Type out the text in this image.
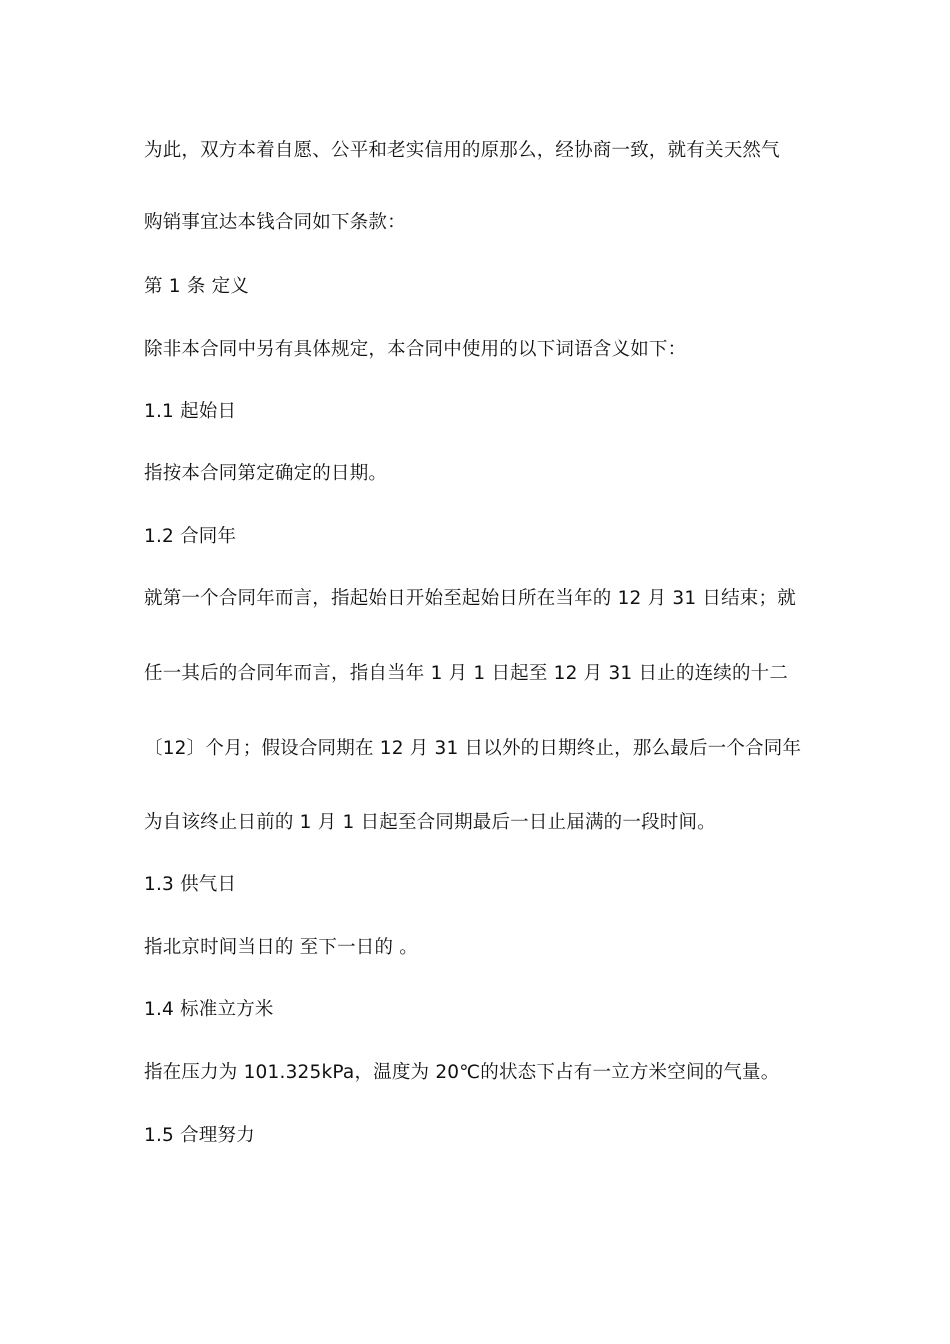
为此，双方本着自愿、公平和老实信用的原那么，经协商一致，就有关天然气
购销事宜达本钱合同如下条款：
第 1 条 定义
除非本合同中另有具体规定，本合同中使用的以下词语含义如下：
1.1 起始日
指按本合同第定确定的日期。
1.2 合同年
就第一个合同年而言，指起始日开始至起始日所在当年的 12 月 31 日结束；就
任一其后的合同年而言，指自当年 1 月 1 日起至 12 月 31 日止的连续的十二
〔12〕个月；假设合同期在 12 月 31 日以外的日期终止，那么最后一个合同年
为自该终止日前的 1 月 1 日起至合同期最后一日止届满的一段时间。
1.3 供气日
指北京时间当日的 至下一日的 。
1.4 标准立方米
指在压力为 101.325kPa，温度为 20℃的状态下占有一立方米空间的气量。
1.5 合理努力
